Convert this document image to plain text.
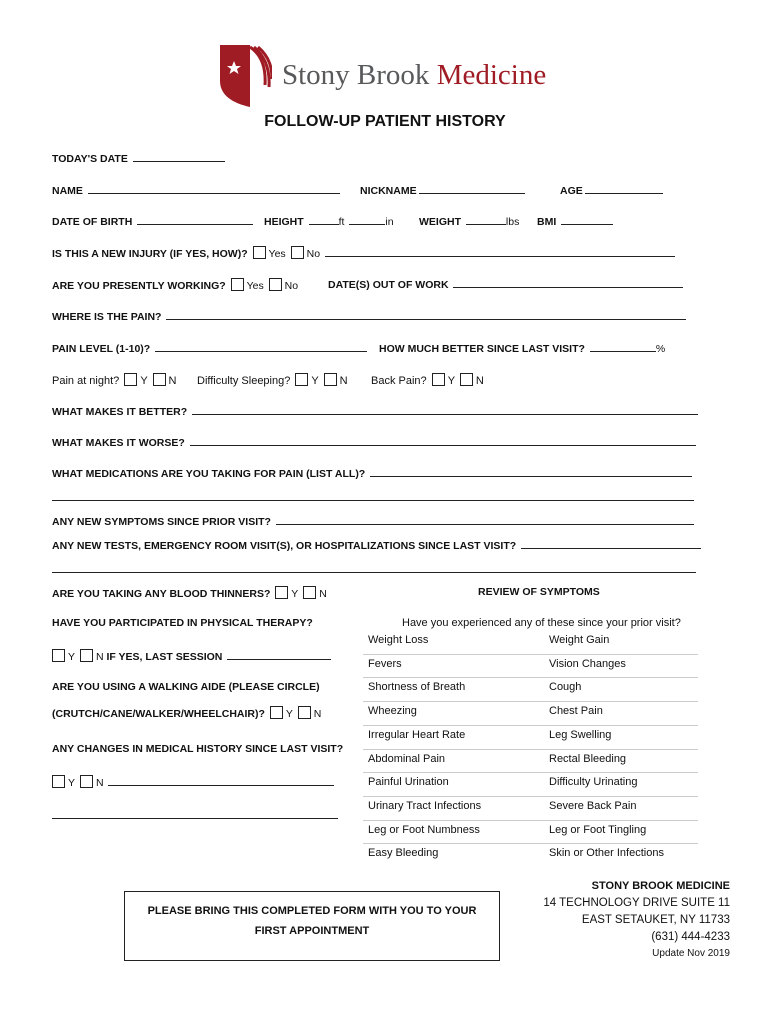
Stony Brook Medicine
FOLLOW-UP PATIENT HISTORY
TODAY'S DATE
NAME	NICKNAME	AGE
DATE OF BIRTH	HEIGHT	ft	in WEIGHT	lbs BMI
IS THIS A NEW INJURY (IF YES, HOW)? Yes No
ARE YOU PRESENTLY WORKING? Yes No	DATE(S) OUT OF WORK
WHERE IS THE PAIN?
PAIN LEVEL (1-10)?	HOW MUCH BETTER SINCE LAST VISIT?	%
Pain at night? Y N Difficulty Sleeping? Y N Back Pain? Y N
WHAT MAKES IT BETTER?
WHAT MAKES IT WORSE?
WHAT MEDICATIONS ARE YOU TAKING FOR PAIN (LIST ALL)?
ANY NEW SYMPTOMS SINCE PRIOR VISIT?
ANY NEW TESTS, EMERGENCY ROOM VISIT(S), OR HOSPITALIZATIONS SINCE LAST VISIT?
ARE YOU TAKING ANY BLOOD THINNERS? Y N
HAVE YOU PARTICIPATED IN PHYSICAL THERAPY?
Y N IF YES, LAST SESSION
ARE YOU USING A WALKING AIDE (PLEASE CIRCLE)
(CRUTCH/CANE/WALKER/WHEELCHAIR)? Y N
ANY CHANGES IN MEDICAL HISTORY SINCE LAST VISIT?
Y N
REVIEW OF SYMPTOMS
Have you experienced any of these since your prior visit?
Weight Loss	Weight Gain
Fevers	Vision Changes
Shortness of Breath	Cough
Wheezing	Chest Pain
Irregular Heart Rate	Leg Swelling
Abdominal Pain	Rectal Bleeding
Painful Urination	Difficulty Urinating
Urinary Tract Infections	Severe Back Pain
Leg or Foot Numbness	Leg or Foot Tingling
Easy Bleeding	Skin or Other Infections
PLEASE BRING THIS COMPLETED FORM WITH YOU TO YOUR
FIRST APPOINTMENT
STONY BROOK MEDICINE
14 TECHNOLOGY DRIVE SUITE 11
EAST SETAUKET, NY 11733
(631) 444-4233
Update Nov 2019
